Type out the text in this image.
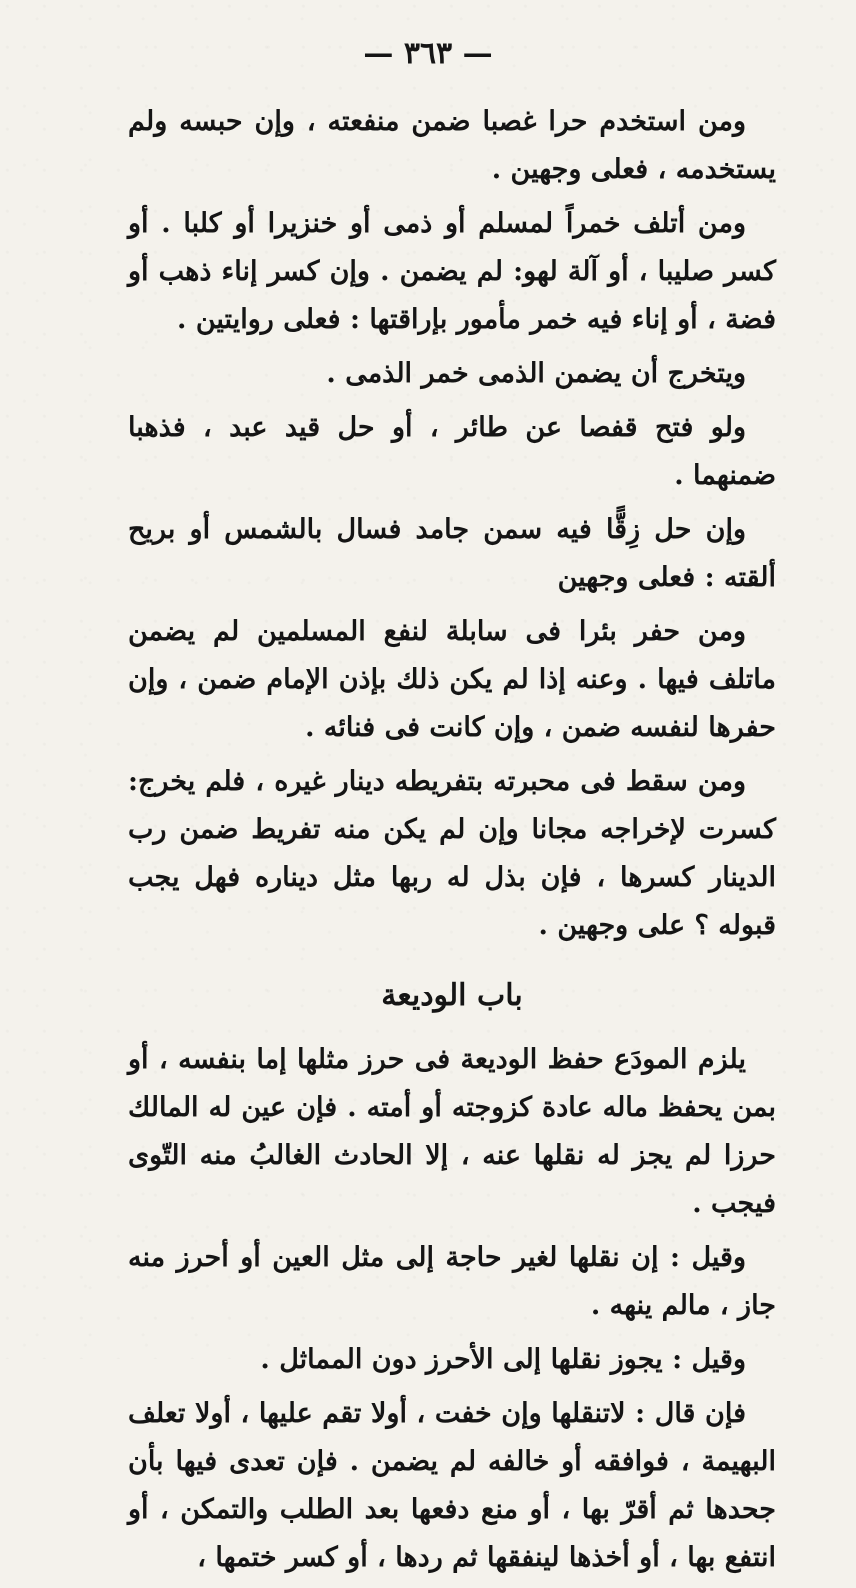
— ٣٦٣ —

ومن استخدم حرا غصبا ضمن منفعته ، وإن حبسه ولم يستخدمه ، فعلى وجهين .

ومن أتلف خمراً لمسلم أو ذمى أو خنزيرا أو كلبا . أو كسر صليبا ، أو آلة لهو: لم يضمن . وإن كسر إناء ذهب أو فضة ، أو إناء فيه خمر مأمور بإراقتها : فعلى روايتين .

ويتخرج أن يضمن الذمى خمر الذمى .

ولو فتح قفصا عن طائر ، أو حل قيد عبد ، فذهبا ضمنهما .

وإن حل زِقًّا فيه سمن جامد فسال بالشمس أو بريح ألقته : فعلى وجهين

ومن حفر بئرا فى سابلة لنفع المسلمين لم يضمن ماتلف فيها . وعنه إذا لم يكن ذلك بإذن الإمام ضمن ، وإن حفرها لنفسه ضمن ، وإن كانت فى فنائه .

ومن سقط فى محبرته بتفريطه دينار غيره ، فلم يخرج: كسرت لإخراجه مجانا وإن لم يكن منه تفريط ضمن رب الدينار كسرها ، فإن بذل له ربها مثل ديناره فهل يجب قبوله ؟ على وجهين .

باب الوديعة

يلزم المودَع حفظ الوديعة فى حرز مثلها إما بنفسه ، أو بمن يحفظ ماله عادة كزوجته أو أمته . فإن عين له المالك حرزا لم يجز له نقلها عنه ، إلا الحادث الغالبُ منه التّوى فيجب .

وقيل : إن نقلها لغير حاجة إلى مثل العين أو أحرز منه جاز ، مالم ينهه .

وقيل : يجوز نقلها إلى الأحرز دون المماثل .

فإن قال : لاتنقلها وإن خفت ، أولا تقم عليها ، أولا تعلف البهيمة ، فوافقه أو خالفه لم يضمن . فإن تعدى فيها بأن جحدها ثم أقرّ بها ، أو منع دفعها بعد الطلب والتمكن ، أو انتفع بها ، أو أخذها لينفقها ثم ردها ، أو كسر ختمها ،
